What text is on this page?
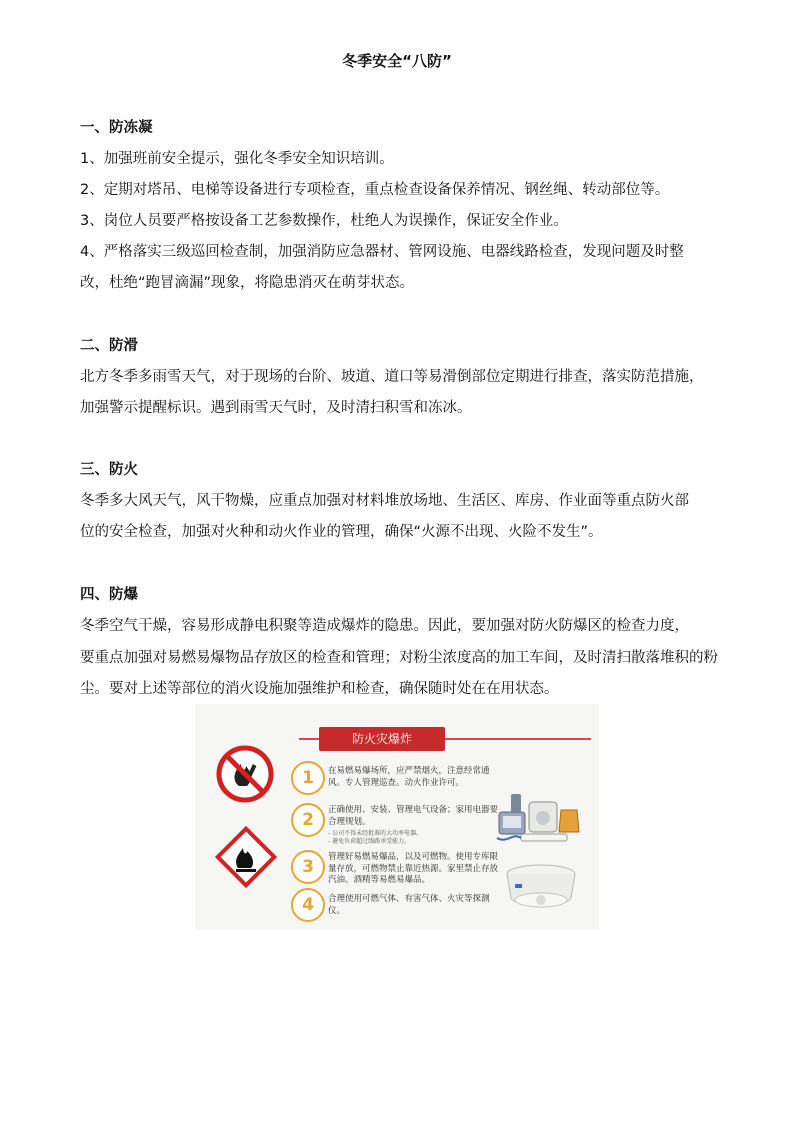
冬季安全“八防”
一、防冻凝
1、加强班前安全提示，强化冬季安全知识培训。
2、定期对塔吊、电梯等设备进行专项检查，重点检查设备保养情况、钢丝绳、转动部位等。
3、岗位人员要严格按设备工艺参数操作，杜绝人为误操作，保证安全作业。
4、严格落实三级巡回检查制，加强消防应急器材、管网设施、电器线路检查，发现问题及时整
改，杜绝“跑冒滴漏”现象，将隐患消灭在萌芽状态。
二、防滑
北方冬季多雨雪天气，对于现场的台阶、坡道、道口等易滑倒部位定期进行排查，落实防范措施，
加强警示提醒标识。遇到雨雪天气时，及时清扫积雪和冻冰。
三、防火
冬季多大风天气，风干物燥，应重点加强对材料堆放场地、生活区、库房、作业面等重点防火部
位的安全检查，加强对火种和动火作业的管理，确保“火源不出现、火险不发生”。
四、防爆
冬季空气干燥，容易形成静电积聚等造成爆炸的隐患。因此，要加强对防火防爆区的检查力度，
要重点加强对易燃易爆物品存放区的检查和管理；对粉尘浓度高的加工车间，及时清扫散落堆积的粉
尘。要对上述等部位的消火设施加强维护和检查，确保随时处在在用状态。
防火灾爆炸
1	在易燃易爆场所，应严禁烟火，注意经常通风。专人管理巡查。动火作业许可。
2	正确使用、安装、管理电气设备；家用电器要合理规划。
- 公司不得未经批准的大功率电器。
- 避免负荷超过线路承受能力。
3	管理好易燃易爆品，以及可燃物。使用专库限量存放，可燃物禁止靠近热源。家里禁止存放汽油、酒精等易燃易爆品。
4	合理使用可燃气体、有害气体、火灾等探测仪。
